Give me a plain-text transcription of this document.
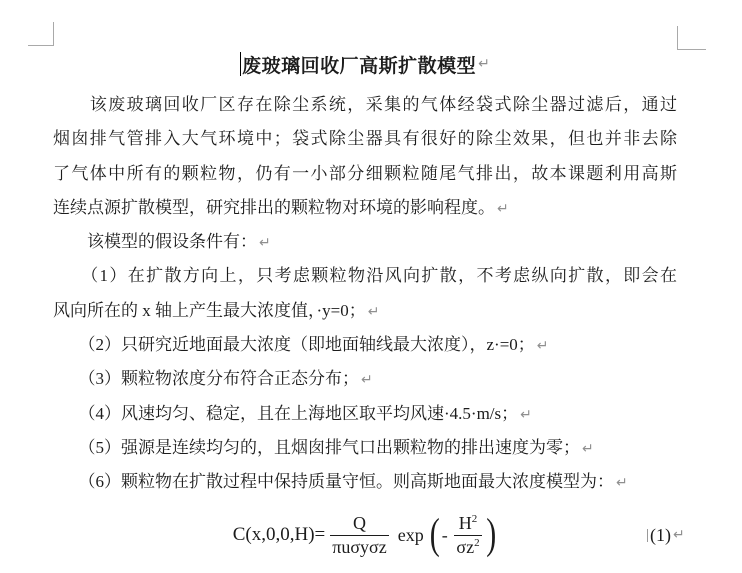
废玻璃回收厂高斯扩散模型 ↵
　　该废玻璃回收厂区存在除尘系统，采集的气体经袋式除尘器过滤后，通过
烟囱排气管排入大气环境中；袋式除尘器具有很好的除尘效果，但也并非去除
了气体中所有的颗粒物，仍有一小部分细颗粒随尾气排出，故本课题利用高斯
连续点源扩散模型，研究排出的颗粒物对环境的影响程度。 ↵
　　该模型的假设条件有： ↵
　　（1）在扩散方向上，只考虑颗粒物沿风向扩散，不考虑纵向扩散，即会在
风向所在的 x 轴上产生最大浓度值，·y=0； ↵
　　（2）只研究近地面最大浓度（即地面轴线最大浓度），z·=0； ↵
　　（3）颗粒物浓度分布符合正态分布； ↵
　　（4）风速均匀、稳定，且在上海地区取平均风速·4.5·m/s； ↵
　　（5）强源是连续均匀的，且烟囱排气口出颗粒物的排出速度为零； ↵
　　（6）颗粒物在扩散过程中保持质量守恒。则高斯地面最大浓度模型为： ↵
$C(x,0,0,H)= \frac{Q}{\text{πuσyσz}}$ exp ( - $\frac{H^2}{\sigma z^2}$ )	(1) ↵
